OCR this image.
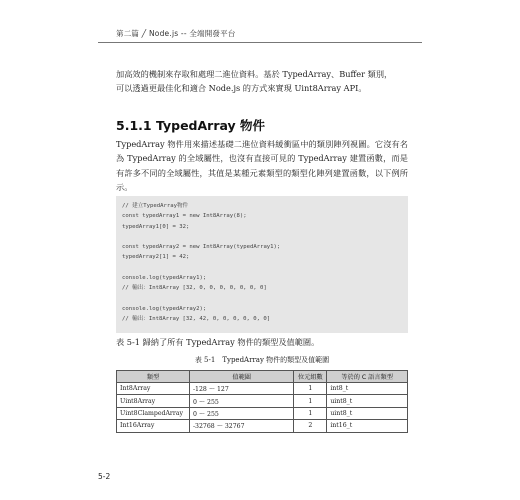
第二篇 ╱ Node.js -- 全端開發平台
加高效的機制來存取和處理二進位資料。基於 TypedArray、Buffer 類別，
可以透過更最佳化和適合 Node.js 的方式來實現 Uint8Array API。
5.1.1 TypedArray 物件

TypedArray 物件用來描述基礎二進位資料緩衝區中的類別陣列視圖。它沒有名為 TypedArray 的全域屬性，也沒有直接可見的 TypedArray 建置函數，而是有許多不同的全域屬性，其值是某種元素類型的類型化陣列建置函數，以下例所示。

// 建立TypedArray物件
const typedArray1 = new Int8Array(8);
typedArray1[0] = 32;
const typedArray2 = new Int8Array(typedArray1);
typedArray2[1] = 42;
console.log(typedArray1);
// 輸出：Int8Array [32, 0, 0, 0, 0, 0, 0, 0]
console.log(typedArray2);
// 輸出：Int8Array [32, 42, 0, 0, 0, 0, 0, 0]
表 5-1 歸納了所有 TypedArray 物件的類型及值範圍。
表 5-1　TypedArray 物件的類型及值範圍
類型	值範圍	位元組數	等於的 C 語言類型
Int8Array	-128 ～ 127	1	int8_t
Uint8Array	0 ～ 255	1	uint8_t
Uint8ClampedArray	0 ～ 255	1	uint8_t
Int16Array	-32768 ～ 32767	2	int16_t
5-2
